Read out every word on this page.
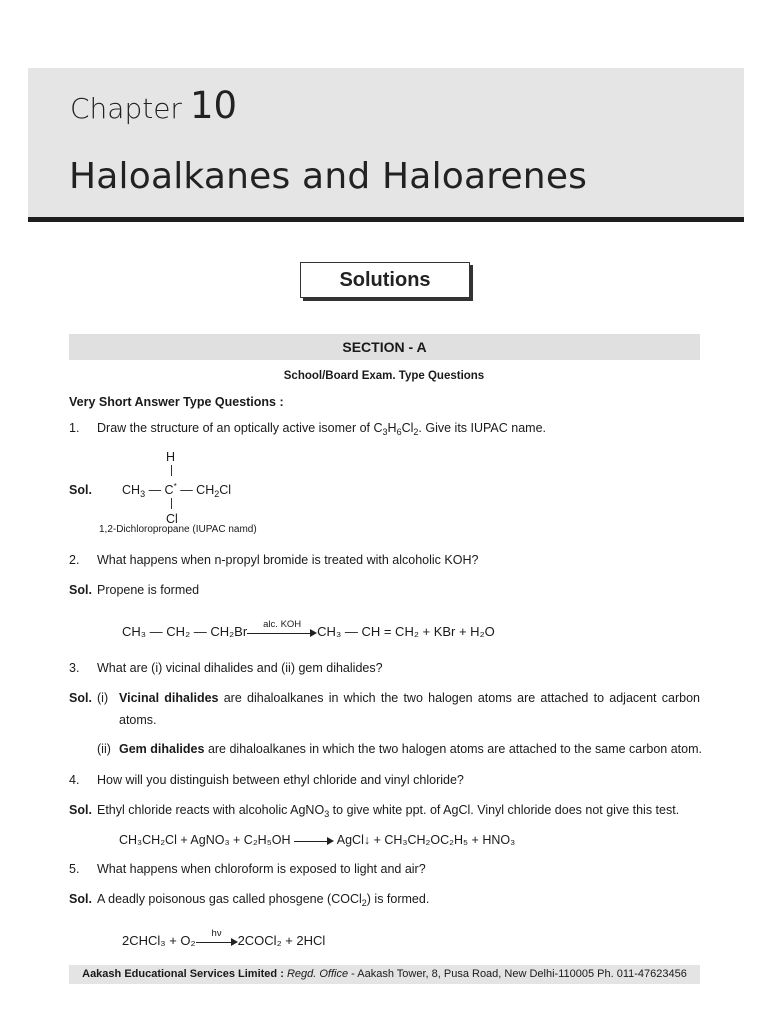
Chapter 10
Haloalkanes and Haloarenes
Solutions
SECTION - A
School/Board Exam. Type Questions
Very Short Answer Type Questions :
1. Draw the structure of an optically active isomer of $C_3H_6Cl_2$. Give its IUPAC name.
H
$CH_3$ — C* — $CH_2Cl$
Cl
Sol.
1,2-Dichloropropane (IUPAC namd)
2. What happens when n-propyl bromide is treated with alcoholic KOH?
Sol. Propene is formed
CH₃ — CH₂ — CH₂Br	alc. KOH	CH₃ — CH = CH₂ + KBr + H₂O
3. What are (i) vicinal dihalides and (ii) gem dihalides?
Sol. (i) Vicinal dihalides are dihaloalkanes in which the two halogen atoms are attached to adjacent carbon
atoms.
(ii) Gem dihalides are dihaloalkanes in which the two halogen atoms are attached to the same carbon atom.
4. How will you distinguish between ethyl chloride and vinyl chloride?
Sol. Ethyl chloride reacts with alcoholic AgNO$_3$ to give white ppt. of AgCl. Vinyl chloride does not give this test.
CH₃CH₂Cl + AgNO₃ + C₂H₅OH	AgCl↓ + CH₃CH₂OC₂H₅ + HNO₃
5. What happens when chloroform is exposed to light and air?
Sol. A deadly poisonous gas called phosgene (COCl$_2$) is formed.
2CHCl₃ + O₂	hν	2COCl₂ + 2HCl
Aakash Educational Services Limited : Regd. Office - Aakash Tower, 8, Pusa Road, New Delhi-110005 Ph. 011-47623456
